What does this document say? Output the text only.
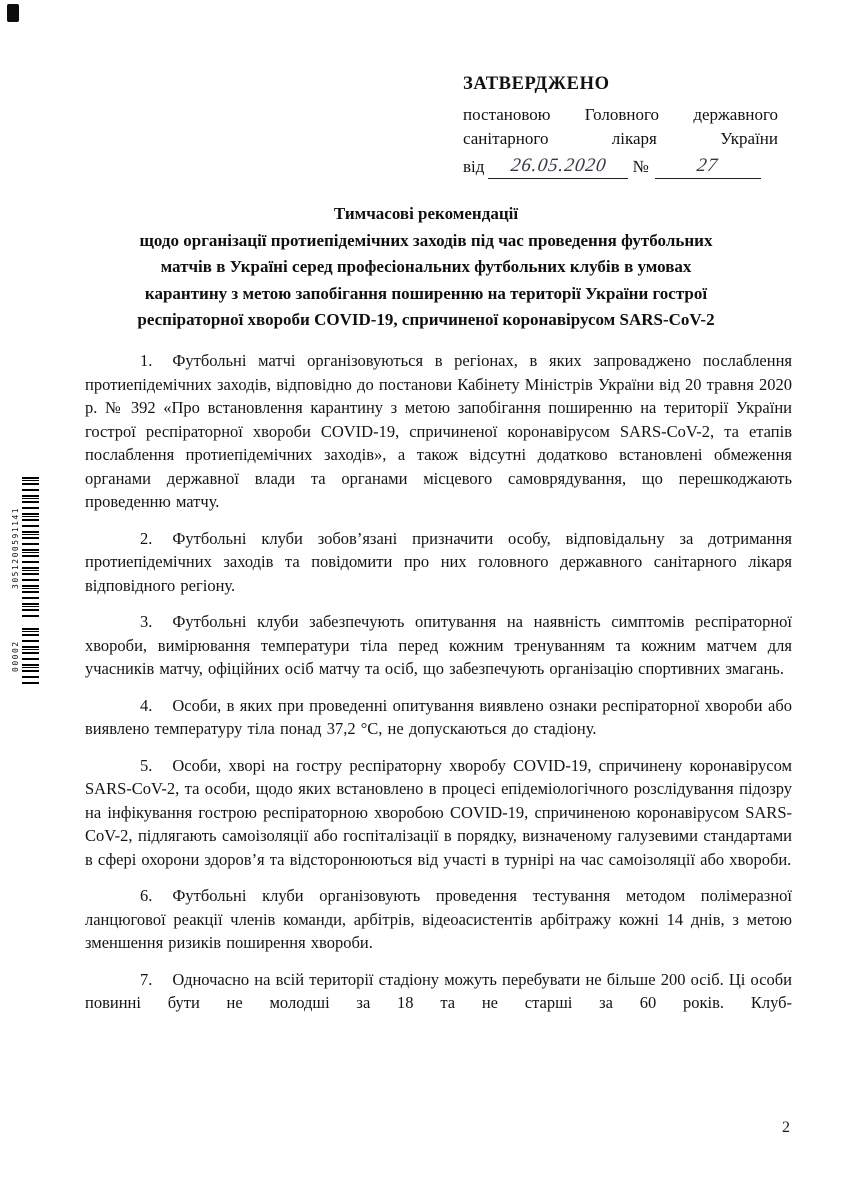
3051200591141
00002
ЗАТВЕРДЖЕНО
постановою Головного державного
санітарного лікаря України
від 26.05.2020 № 27
Тимчасові рекомендації
щодо організації протиепідемічних заходів під час проведення футбольних
матчів в Україні серед професіональних футбольних клубів в умовах
карантину з метою запобігання поширенню на території України гострої
респіраторної хвороби COVID-19, спричиненої коронавірусом SARS-CoV-2

1. Футбольні матчі організовуються в регіонах, в яких запроваджено послаблення протиепідемічних заходів, відповідно до постанови Кабінету Міністрів України від 20 травня 2020 р. № 392 «Про встановлення карантину з метою запобігання поширенню на території України гострої респіраторної хвороби COVID-19, спричиненої коронавірусом SARS-CoV-2, та етапів послаблення протиепідемічних заходів», а також відсутні додатково встановлені обмеження органами державної влади та органами місцевого самоврядування, що перешкоджають проведенню матчу.

2. Футбольні клуби зобов’язані призначити особу, відповідальну за дотримання протиепідемічних заходів та повідомити про них головного державного санітарного лікаря відповідного регіону.

3. Футбольні клуби забезпечують опитування на наявність симптомів респіраторної хвороби, вимірювання температури тіла перед кожним тренуванням та кожним матчем для учасників матчу, офіційних осіб матчу та осіб, що забезпечують організацію спортивних змагань.

4. Особи, в яких при проведенні опитування виявлено ознаки респіраторної хвороби або виявлено температуру тіла понад 37,2 °С, не допускаються до стадіону.

5. Особи, хворі на гостру респіраторну хворобу COVID-19, спричинену коронавірусом SARS-CoV-2, та особи, щодо яких встановлено в процесі епідеміологічного розслідування підозру на інфікування гострою респіраторною хворобою COVID-19, спричиненою коронавірусом SARS-CoV-2, підлягають самоізоляції або госпіталізації в порядку, визначеному галузевими стандартами в сфері охорони здоров’я та відсторонюються від участі в турнірі на час самоізоляції або хвороби.

6. Футбольні клуби організовують проведення тестування методом полімеразної ланцюгової реакції членів команди, арбітрів, відеоасистентів арбітражу кожні 14 днів, з метою зменшення ризиків поширення хвороби.

7. Одночасно на всій території стадіону можуть перебувати не більше 200 осіб. Ці особи повинні бути не молодші за 18 та не старші за 60 років. Клуб-

2
